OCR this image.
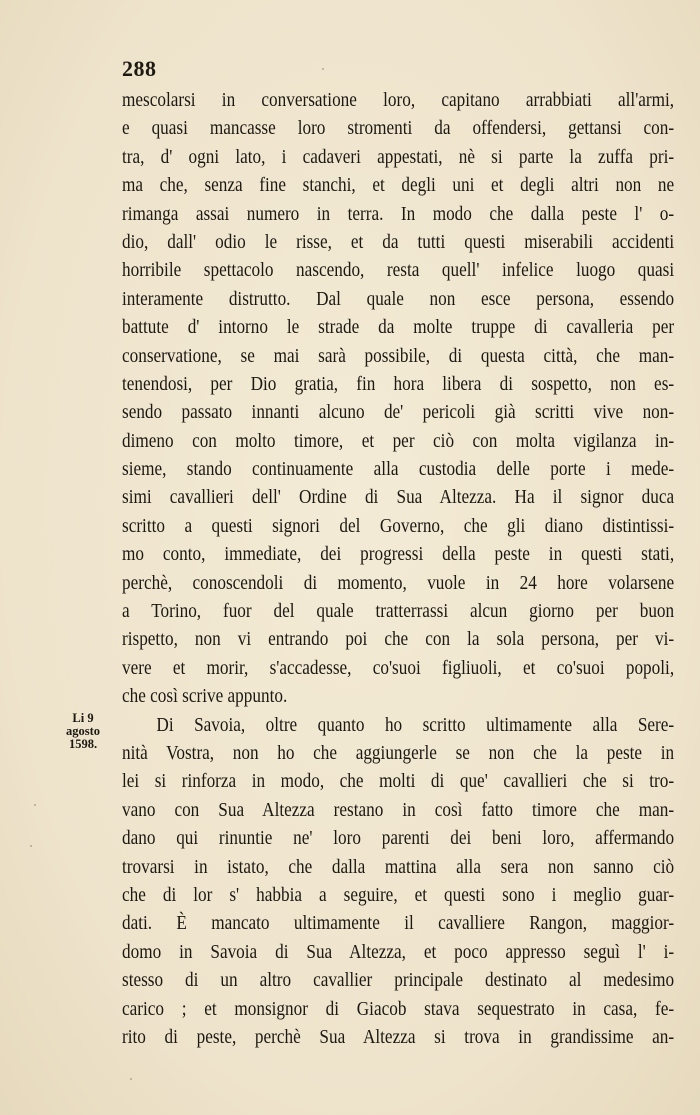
288
Li 9
agosto
1598.
mescolarsi in conversatione loro, capitano arrabbiati all'armi,
e quasi mancasse loro stromenti da offendersi, gettansi con-
tra, d' ogni lato, i cadaveri appestati, nè si parte la zuffa pri-
ma che, senza fine stanchi, et degli uni et degli altri non ne
rimanga assai numero in terra. In modo che dalla peste l' o-
dio, dall' odio le risse, et da tutti questi miserabili accidenti
horribile spettacolo nascendo, resta quell' infelice luogo quasi
interamente distrutto. Dal quale non esce persona, essendo
battute d' intorno le strade da molte truppe di cavalleria per
conservatione, se mai sarà possibile, di questa città, che man-
tenendosi, per Dio gratia, fin hora libera di sospetto, non es-
sendo passato innanti alcuno de' pericoli già scritti vive non-
dimeno con molto timore, et per ciò con molta vigilanza in-
sieme, stando continuamente alla custodia delle porte i mede-
simi cavallieri dell' Ordine di Sua Altezza. Ha il signor duca
scritto a questi signori del Governo, che gli diano distintissi-
mo conto, immediate, dei progressi della peste in questi stati,
perchè, conoscendoli di momento, vuole in 24 hore volarsene
a Torino, fuor del quale tratterrassi alcun giorno per buon
rispetto, non vi entrando poi che con la sola persona, per vi-
vere et morir, s'accadesse, co'suoi figliuoli, et co'suoi popoli,
che così scrive appunto.
Di Savoia, oltre quanto ho scritto ultimamente alla Sere-
nità Vostra, non ho che aggiungerle se non che la peste in
lei si rinforza in modo, che molti di que' cavallieri che si tro-
vano con Sua Altezza restano in così fatto timore che man-
dano qui rinuntie ne' loro parenti dei beni loro, affermando
trovarsi in istato, che dalla mattina alla sera non sanno ciò
che di lor s' habbia a seguire, et questi sono i meglio guar-
dati. È mancato ultimamente il cavalliere Rangon, maggior-
domo in Savoia di Sua Altezza, et poco appresso seguì l' i-
stesso di un altro cavallier principale destinato al medesimo
carico ; et monsignor di Giacob stava sequestrato in casa, fe-
rito di peste, perchè Sua Altezza si trova in grandissime an-
